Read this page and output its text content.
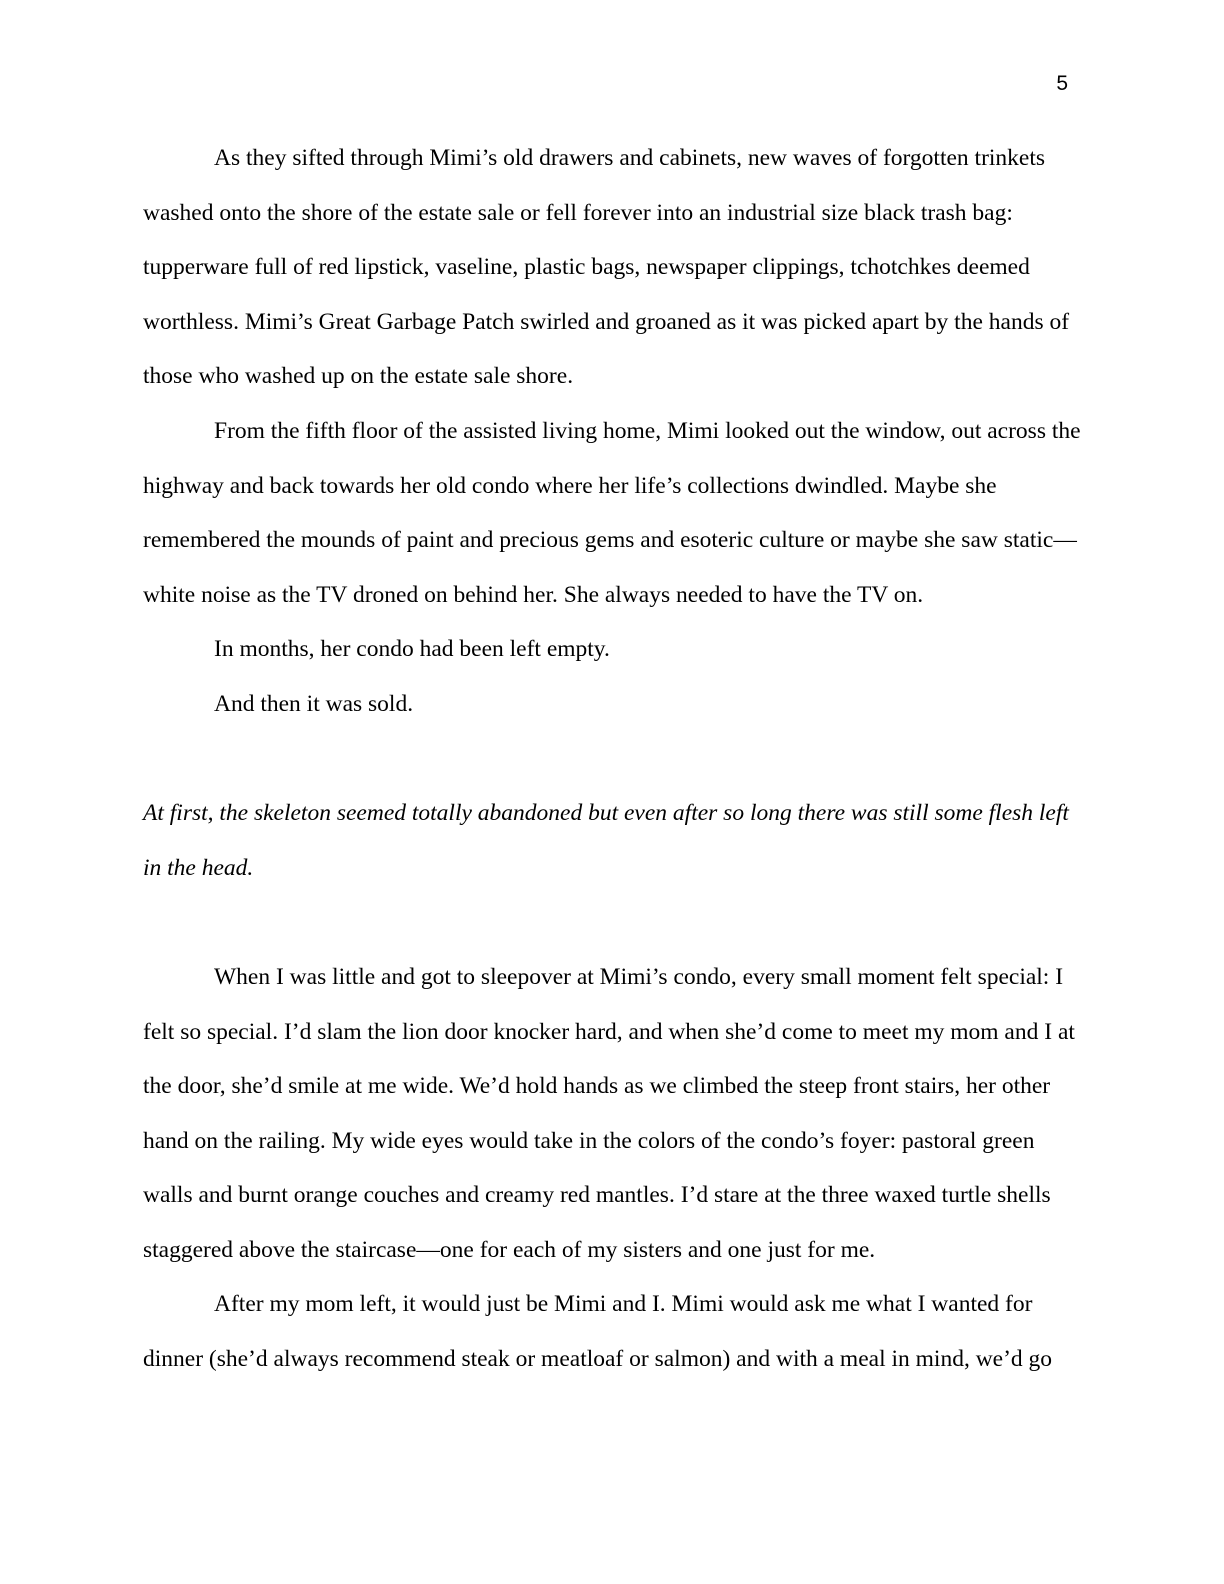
5

As they sifted through Mimi’s old drawers and cabinets, new waves of forgotten trinkets washed onto the shore of the estate sale or fell forever into an industrial size black trash bag: tupperware full of red lipstick, vaseline, plastic bags, newspaper clippings, tchotchkes deemed worthless. Mimi’s Great Garbage Patch swirled and groaned as it was picked apart by the hands of those who washed up on the estate sale shore.

From the fifth floor of the assisted living home, Mimi looked out the window, out across the highway and back towards her old condo where her life’s collections dwindled. Maybe she remembered the mounds of paint and precious gems and esoteric culture or maybe she saw static—white noise as the TV droned on behind her. She always needed to have the TV on.

In months, her condo had been left empty.

And then it was sold.

At first, the skeleton seemed totally abandoned but even after so long there was still some flesh left in the head.

When I was little and got to sleepover at Mimi’s condo, every small moment felt special: I felt so special. I’d slam the lion door knocker hard, and when she’d come to meet my mom and I at the door, she’d smile at me wide. We’d hold hands as we climbed the steep front stairs, her other hand on the railing. My wide eyes would take in the colors of the condo’s foyer: pastoral green walls and burnt orange couches and creamy red mantles. I’d stare at the three waxed turtle shells staggered above the staircase—one for each of my sisters and one just for me.

After my mom left, it would just be Mimi and I. Mimi would ask me what I wanted for dinner (she’d always recommend steak or meatloaf or salmon) and with a meal in mind, we’d go
